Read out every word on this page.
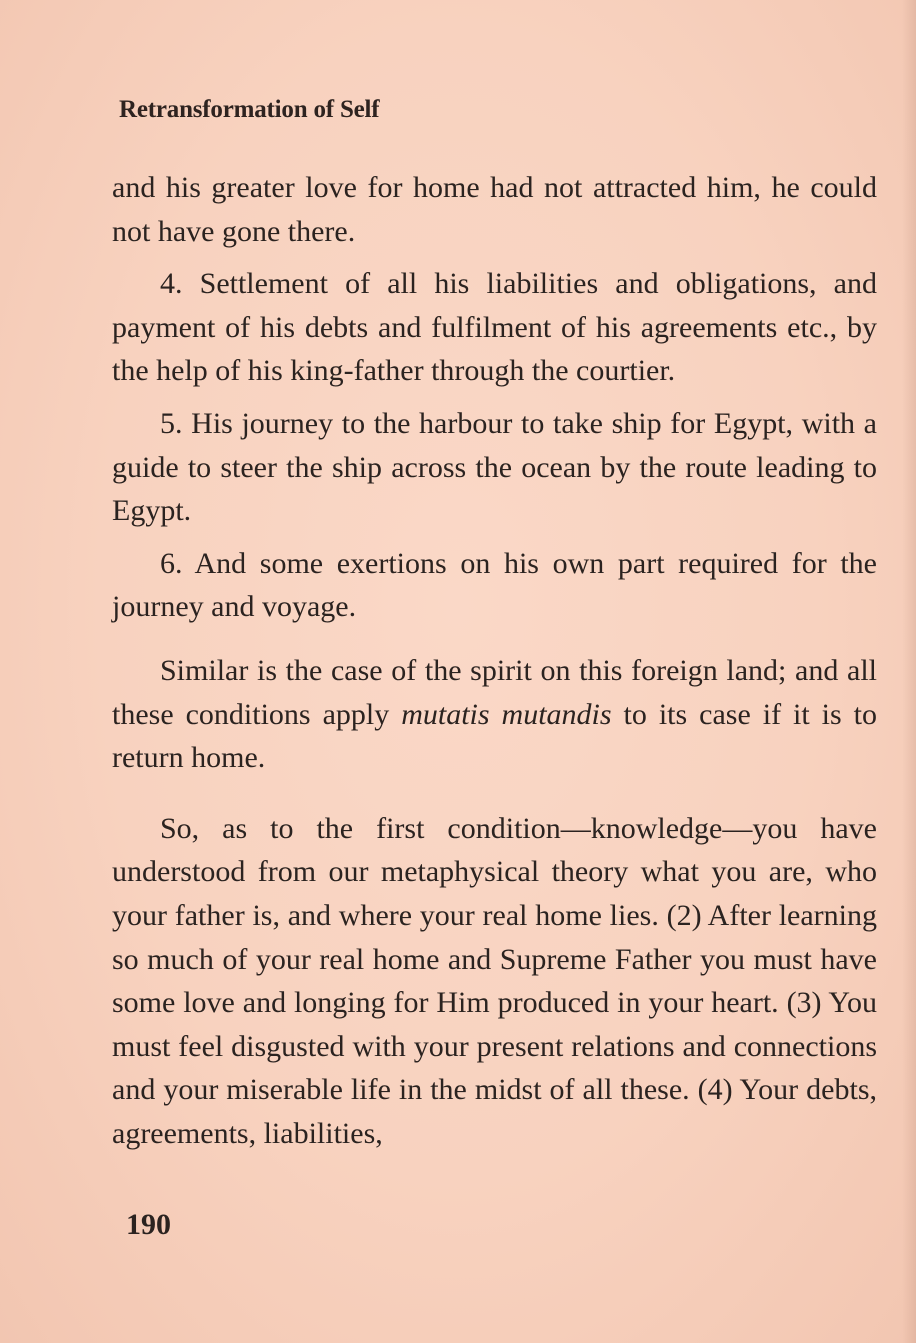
Retransformation of Self

and his greater love for home had not attracted him, he could not have gone there.

4. Settlement of all his liabilities and obligations, and payment of his debts and fulfilment of his agreements etc., by the help of his king-father through the courtier.

5. His journey to the harbour to take ship for Egypt, with a guide to steer the ship across the ocean by the route leading to Egypt.

6. And some exertions on his own part required for the journey and voyage.

Similar is the case of the spirit on this foreign land; and all these conditions apply mutatis mutandis to its case if it is to return home.

So, as to the first condition—knowledge—you have understood from our metaphysical theory what you are, who your father is, and where your real home lies. (2) After learning so much of your real home and Supreme Father you must have some love and longing for Him produced in your heart. (3) You must feel disgusted with your present relations and connections and your miserable life in the midst of all these. (4) Your debts, agreements, liabilities,

190
